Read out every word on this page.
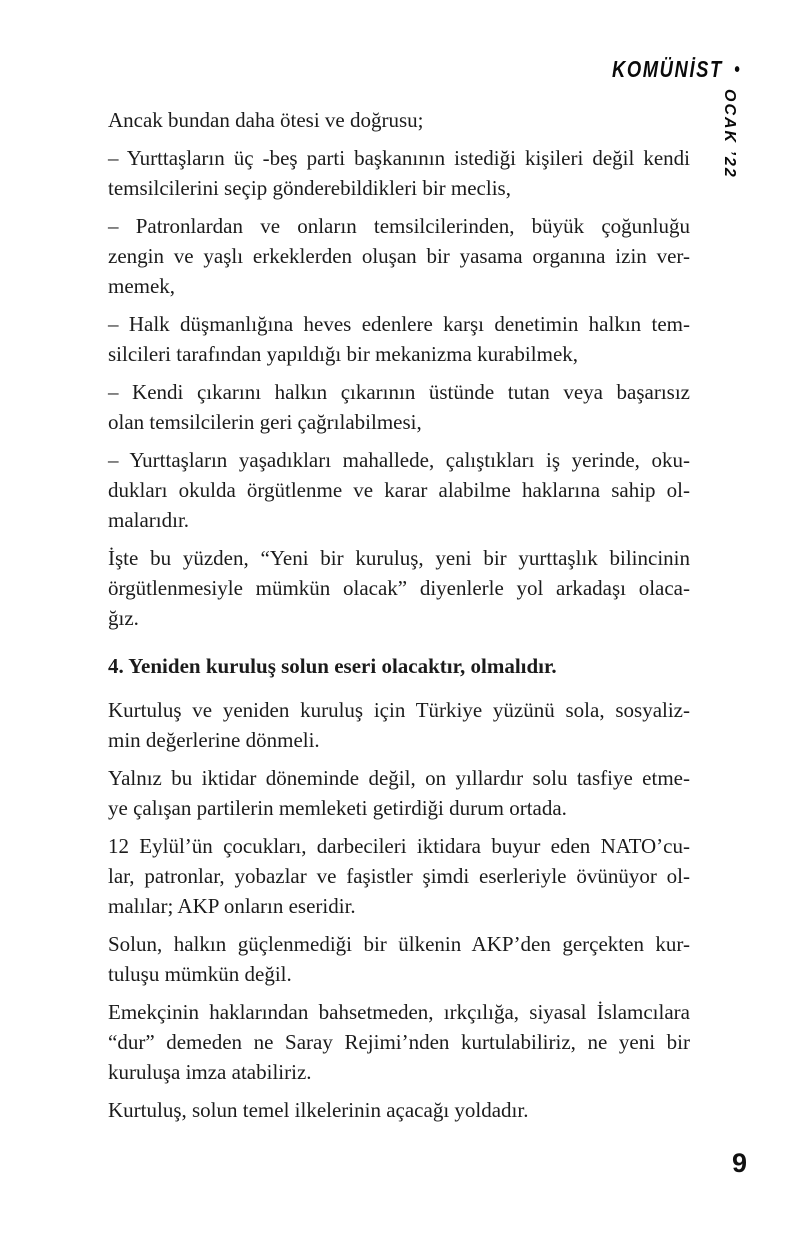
KOMÜNİST •
OCAK ’22

Ancak bundan daha ötesi ve doğrusu;

– Yurttaşların üç -beş parti başkanının istediği kişileri değil kendi
temsilcilerini seçip gönderebildikleri bir meclis,

– Patronlardan ve onların temsilcilerinden, büyük çoğunluğu
zengin ve yaşlı erkeklerden oluşan bir yasama organına izin ver-
memek,

– Halk düşmanlığına heves edenlere karşı denetimin halkın tem-
silcileri tarafından yapıldığı bir mekanizma kurabilmek,

– Kendi çıkarını halkın çıkarının üstünde tutan veya başarısız
olan temsilcilerin geri çağrılabilmesi,

– Yurttaşların yaşadıkları mahallede, çalıştıkları iş yerinde, oku-
dukları okulda örgütlenme ve karar alabilme haklarına sahip ol-
malarıdır.

İşte bu yüzden, “Yeni bir kuruluş, yeni bir yurttaşlık bilincinin
örgütlenmesiyle mümkün olacak” diyenlerle yol arkadaşı olaca-
ğız.

4. Yeniden kuruluş solun eseri olacaktır, olmalıdır.

Kurtuluş ve yeniden kuruluş için Türkiye yüzünü sola, sosyaliz-
min değerlerine dönmeli.

Yalnız bu iktidar döneminde değil, on yıllardır solu tasfiye etme-
ye çalışan partilerin memleketi getirdiği durum ortada.

12 Eylül’ün çocukları, darbecileri iktidara buyur eden NATO’cu-
lar, patronlar, yobazlar ve faşistler şimdi eserleriyle övünüyor ol-
malılar; AKP onların eseridir.

Solun, halkın güçlenmediği bir ülkenin AKP’den gerçekten kur-
tuluşu mümkün değil.

Emekçinin haklarından bahsetmeden, ırkçılığa, siyasal İslamcılara
“dur” demeden ne Saray Rejimi’nden kurtulabiliriz, ne yeni bir
kuruluşa imza atabiliriz.

Kurtuluş, solun temel ilkelerinin açacağı yoldadır.

9
